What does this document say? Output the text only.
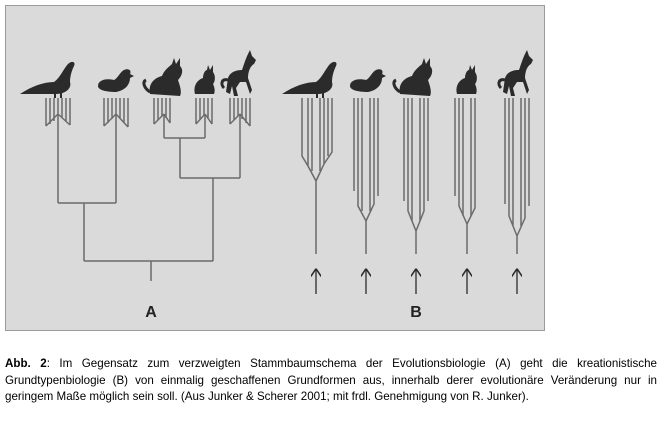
A	B
Abb. 2: Im Gegensatz zum verzweigten Stammbaumschema der Evolutionsbiologie (A) geht die kreationistische Grundtypenbiologie (B) von einmalig geschaffenen Grundformen aus, innerhalb derer evolutionäre Veränderung nur in geringem Maße möglich sein soll. (Aus Junker & Scherer 2001; mit frdl. Genehmigung von R. Junker).
